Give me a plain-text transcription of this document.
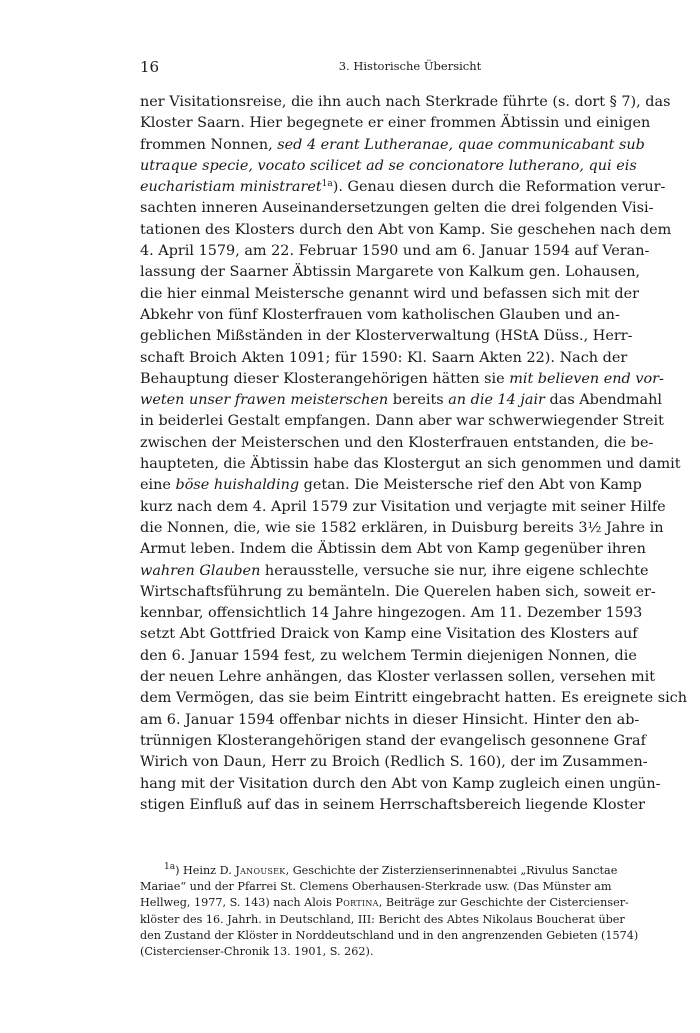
16	3. Historische Übersicht

ner Visitationsreise, die ihn auch nach Sterkrade führte (s. dort § 7), das
Kloster Saarn. Hier begegnete er einer frommen Äbtissin und einigen
frommen Nonnen, sed 4 erant Lutheranae, quae communicabant sub
utraque specie, vocato scilicet ad se concionatore lutherano, qui eis
eucharistiam ministraret$^{1a}$). Genau diesen durch die Reformation verur-
sachten inneren Auseinandersetzungen gelten die drei folgenden Visi-
tationen des Klosters durch den Abt von Kamp. Sie geschehen nach dem
4. April 1579, am 22. Februar 1590 und am 6. Januar 1594 auf Veran-
lassung der Saarner Äbtissin Margarete von Kalkum gen. Lohausen,
die hier einmal Meistersche genannt wird und befassen sich mit der
Abkehr von fünf Klosterfrauen vom katholischen Glauben und an-
geblichen Mißständen in der Klosterverwaltung (HStA Düss., Herr-
schaft Broich Akten 1091; für 1590: Kl. Saarn Akten 22). Nach der
Behauptung dieser Klosterangehörigen hätten sie mit believen end vor-
weten unser frawen meisterschen bereits an die 14 jair das Abendmahl
in beiderlei Gestalt empfangen. Dann aber war schwerwiegender Streit
zwischen der Meisterschen und den Klosterfrauen entstanden, die be-
haupteten, die Äbtissin habe das Klostergut an sich genommen und damit
eine böse huishalding getan. Die Meistersche rief den Abt von Kamp
kurz nach dem 4. April 1579 zur Visitation und verjagte mit seiner Hilfe
die Nonnen, die, wie sie 1582 erklären, in Duisburg bereits 3½ Jahre in
Armut leben. Indem die Äbtissin dem Abt von Kamp gegenüber ihren
wahren Glauben herausstelle, versuche sie nur, ihre eigene schlechte
Wirtschaftsführung zu bemänteln. Die Querelen haben sich, soweit er-
kennbar, offensichtlich 14 Jahre hingezogen. Am 11. Dezember 1593
setzt Abt Gottfried Draick von Kamp eine Visitation des Klosters auf
den 6. Januar 1594 fest, zu welchem Termin diejenigen Nonnen, die
der neuen Lehre anhängen, das Kloster verlassen sollen, versehen mit
dem Vermögen, das sie beim Eintritt eingebracht hatten. Es ereignete sich
am 6. Januar 1594 offenbar nichts in dieser Hinsicht. Hinter den ab-
trünnigen Klosterangehörigen stand der evangelisch gesonnene Graf
Wirich von Daun, Herr zu Broich (Redlich S. 160), der im Zusammen-
hang mit der Visitation durch den Abt von Kamp zugleich einen ungün-
stigen Einfluß auf das in seinem Herrschaftsbereich liegende Kloster

$^{1a}$) Heinz D. Janousek, Geschichte der Zisterzienserinnenabtei „Rivulus Sanctae
Mariae“ und der Pfarrei St. Clemens Oberhausen-Sterkrade usw. (Das Münster am
Hellweg, 1977, S. 143) nach Alois Portina, Beiträge zur Geschichte der Cistercienser-
klöster des 16. Jahrh. in Deutschland, III: Bericht des Abtes Nikolaus Boucherat über
den Zustand der Klöster in Norddeutschland und in den angrenzenden Gebieten (1574)
(Cistercienser-Chronik 13. 1901, S. 262).
